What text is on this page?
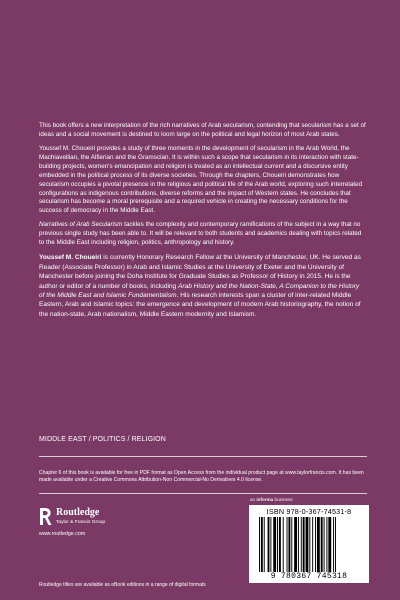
This book offers a new interpretation of the rich narratives of Arab secularism, contending that secularism has a set of ideas and a social movement is destined to loom large on the political and legal horizon of most Arab states.

Youssef M. Choueiri provides a study of three moments in the development of secularism in the Arab World, the Machiavellian, the Alfierian and the Gramscian. It is within such a scope that secularism in its interaction with state-building projects, women's emancipation and religion is treated as an intellectual current and a discursive entity embedded in the political process of its diverse societies. Through the chapters, Choueiri demonstrates how secularism occupies a pivotal presence in the religious and political life of the Arab world, exploring such interrelated configurations as indigenous contributions, diverse reforms and the impact of Western states. He concludes that secularism has become a moral prerequisite and a required vehicle in creating the necessary conditions for the success of democracy in the Middle East.

Narratives of Arab Secularism tackles the complexity and contemporary ramifications of the subject in a way that no previous single study has been able to. It will be relevant to both students and academics dealing with topics related to the Middle East including religion, politics, anthropology and history.

Youssef M. Choueiri is currently Honorary Research Fellow at the University of Manchester, UK. He served as Reader (Associate Professor) in Arab and Islamic Studies at the University of Exeter and the University of Manchester before joining the Doha Institute for Graduate Studies as Professor of History in 2015. He is the author or editor of a number of books, including Arab History and the Nation-State, A Companion to the History of the Middle East and Islamic Fundamentalism. His research interests span a cluster of inter-related Middle Eastern, Arab and Islamic topics: the emergence and development of modern Arab historiography, the notion of the nation-state, Arab nationalism, Middle Eastern modernity and Islamism.

MIDDLE EAST / POLITICS / RELIGION
Chapter 6 of this book is available for free in PDF format as Open Access from the individual product page at www.taylorfrancis.com. It has been made available under a Creative Commons Attribution-Non Commercial-No Derivatives 4.0 license.
Routledge
Taylor & Francis Group
www.routledge.com
an informa business
ISBN 978-0-367-74531-8
9 780367 745318
Routledge titles are available as eBook editions in a range of digital formats
